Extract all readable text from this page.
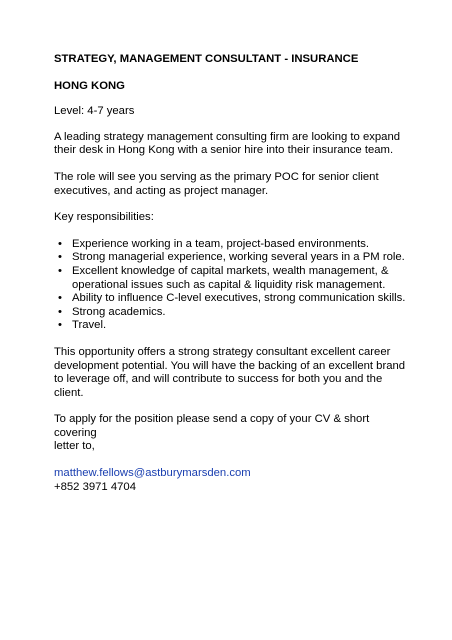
STRATEGY, MANAGEMENT CONSULTANT - INSURANCE

HONG KONG

Level: 4-7 years

A leading strategy management consulting firm are looking to expand
their desk in Hong Kong with a senior hire into their insurance team.

The role will see you serving as the primary POC for senior client
executives, and acting as project manager.

Key responsibilities:

• Experience working in a team, project-based environments.
• Strong managerial experience, working several years in a PM role.
• Excellent knowledge of capital markets, wealth management, &
operational issues such as capital & liquidity risk management.
• Ability to influence C-level executives, strong communication skills.
• Strong academics.
• Travel.

This opportunity offers a strong strategy consultant excellent career
development potential. You will have the backing of an excellent brand
to leverage off, and will contribute to success for both you and the client.

To apply for the position please send a copy of your CV & short covering
letter to,

matthew.fellows@astburymarsden.com

+852 3971 4704
